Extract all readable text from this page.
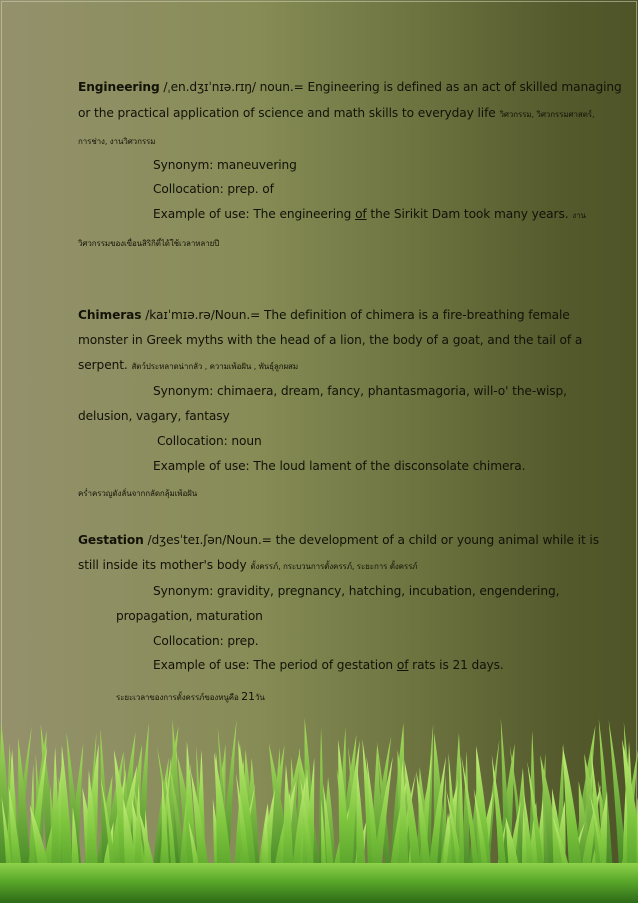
Engineering /ˌen.dʒɪˈnɪə.rɪŋ/ noun.= Engineering is defined as an act of skilled managing
or the practical application of science and math skills to everyday life วิศวกรรม, วิศวกรรมศาสตร์,
การช่าง, งานวิศวกรรม
Synonym: maneuvering
Collocation: prep. of
Example of use: The engineering of the Sirikit Dam took many years. งาน
วิศวกรรมของเขื่อนสิริกิติ์ได้ใช้เวลาหลายปี
Chimeras /kaɪˈmɪə.rə/Noun.= The definition of chimera is a fire-breathing female
monster in Greek myths with the head of a lion, the body of a goat, and the tail of a
serpent. สัตว์ประหลาดน่ากลัว , ความเพ้อฝัน , พันธุ์ลูกผสม
Synonym: chimaera, dream, fancy, phantasmagoria, will-o' the-wisp,
delusion, vagary, fantasy
Collocation: noun
Example of use: The loud lament of the disconsolate chimera.
คร่ำครวญดังลั่นจากกลัดกลุ้มเพ้อฝัน
Gestation /dʒesˈteɪ.ʃən/Noun.= the development of a child or young animal while it is
still inside its mother's body ตั้งครรภ์, กระบวนการตั้งครรภ์, ระยะการ ตั้งครรภ์
Synonym: gravidity, pregnancy, hatching, incubation, engendering,
propagation, maturation
Collocation: prep.
Example of use: The period of gestation of rats is 21 days.
ระยะเวลาของการตั้งครรภ์ของหนูคือ 21วัน
